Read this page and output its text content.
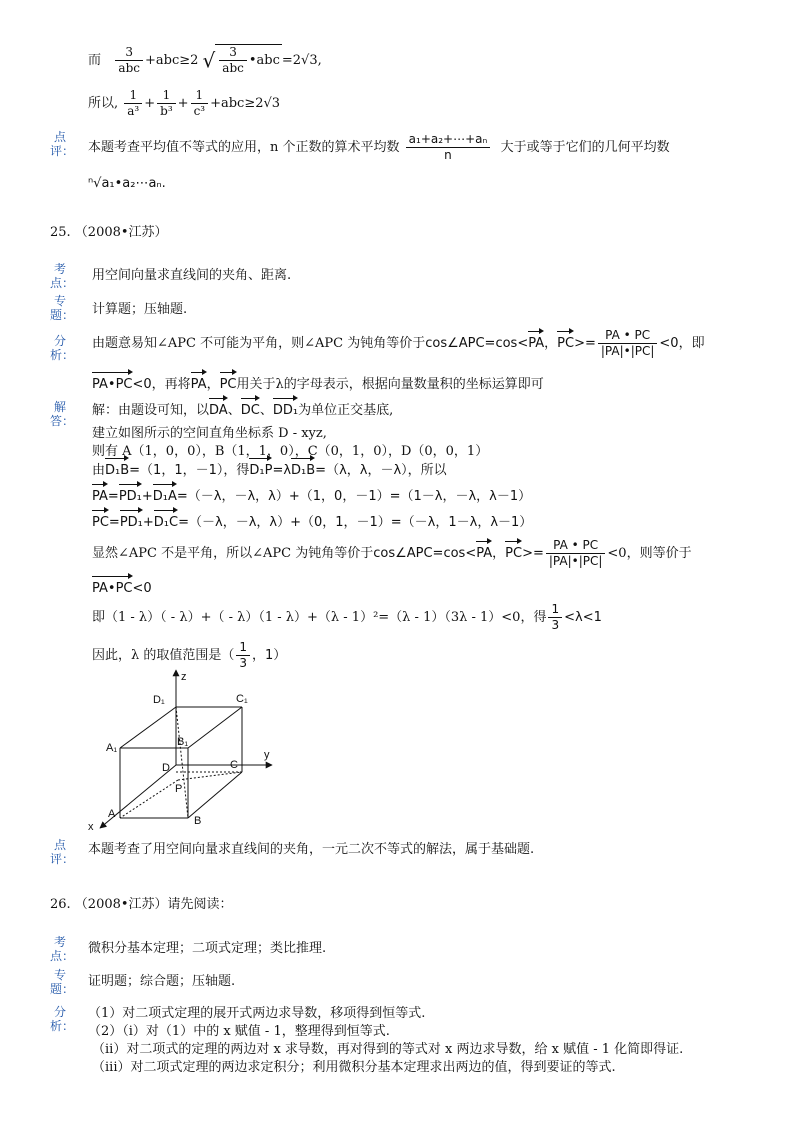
而 $\frac{3}{\text{abc}} +abc\ge 2$ √ $\frac{3}{\text{abc}}$ •abc =2√3,
所以, $\frac{1}{\text{a³}} + \frac{1}{\text{b³}} + \frac{1}{\text{c³}} +abc\ge 2√3$
点
评： 本题考查平均值不等式的应用，n 个正数的算术平均数 $\frac{\text{a₁+a₂+⋯+aₙ}}{n}$ 大于或等于它们的几何平均数
ⁿ√a₁•a₂⋯aₙ.
25. （2008•江苏）
考
点： 用空间向量求直线间的夹角、距离.
专
题： 计算题；压轴题.
分
析：
由题意易知∠APC 不可能为平角，则∠APC 为钝角等价于cos∠APC=cos<PA，$PC>= \frac{PA • PC}{|PA|•|PC|} <0$，即
PA•PC<0，再将PA，PC用关于λ的字母表示，根据向量数量积的坐标运算即可
解
答：
解：由题设可知，以DA、DC、DD₁为单位正交基底,
建立如图所示的空间直角坐标系 D - xyz,
则有 A（1，0，0），B（1，1，0），C（0，1，0），D（0，0，1）
由D₁B=（1，1，－1），得D₁P=λD₁B=（λ，λ，－λ），所以
PA=PD₁+D₁A=（－λ，－λ，λ）+（1，0，－1）=（1－λ，－λ，λ－1）
PC=PD₁+D₁C=（－λ，－λ，λ）+（0，1，－1）=（－λ，1－λ，λ－1）
显然∠APC 不是平角，所以∠APC 为钝角等价于cos∠APC=cos<PA，$PC>= \frac{PA • PC}{|PA|•|PC|} <0$，则等价于
PA•PC<0
即（1 - λ）（ - λ）+（ - λ）（1 - λ）+（λ - 1）²=（λ - 1）（3λ - 1）<0，得 $\frac{1}{3} <\lambda<1$
因此，λ 的取值范围是（ $\frac{1}{3}$ ，1）
z
y
x
D₁	C₁
A₁	B₁
D	C
P
A
B
点
评：
本题考查了用空间向量求直线间的夹角，一元二次不等式的解法，属于基础题.
26. （2008•江苏）请先阅读：
考
点： 微积分基本定理；二项式定理；类比推理.
专
题： 证明题；综合题；压轴题.
分
析：
（1）对二项式定理的展开式两边求导数，移项得到恒等式.
（2）（i）对（1）中的 x 赋值 - 1，整理得到恒等式.
（ii）对二项式的定理的两边对 x 求导数，再对得到的等式对 x 两边求导数，给 x 赋值 - 1 化简即得证.
（iii）对二项式定理的两边求定积分；利用微积分基本定理求出两边的值，得到要证的等式.
